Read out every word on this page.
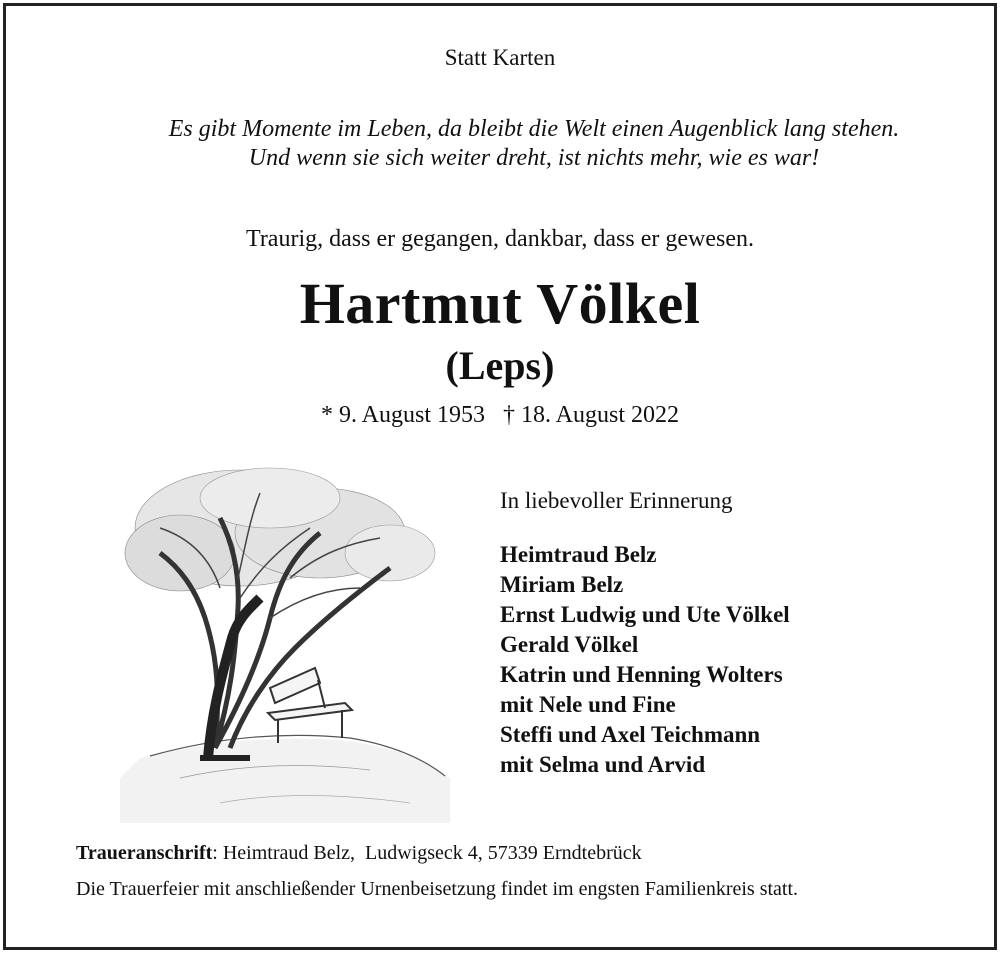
Statt Karten
Es gibt Momente im Leben, da bleibt die Welt einen Augenblick lang stehen.
Und wenn sie sich weiter dreht, ist nichts mehr, wie es war!
Traurig, dass er gegangen, dankbar, dass er gewesen.
Hartmut Völkel
(Leps)
* 9. August 1953   † 18. August 2022
In liebevoller Erinnerung
Heimtraud Belz
Miriam Belz
Ernst Ludwig und Ute Völkel
Gerald Völkel
Katrin und Henning Wolters
mit Nele und Fine
Steffi und Axel Teichmann
mit Selma und Arvid
Traueranschrift: Heimtraud Belz,  Ludwigseck 4, 57339 Erndtebrück
Die Trauerfeier mit anschließender Urnenbeisetzung findet im engsten Familienkreis statt.
